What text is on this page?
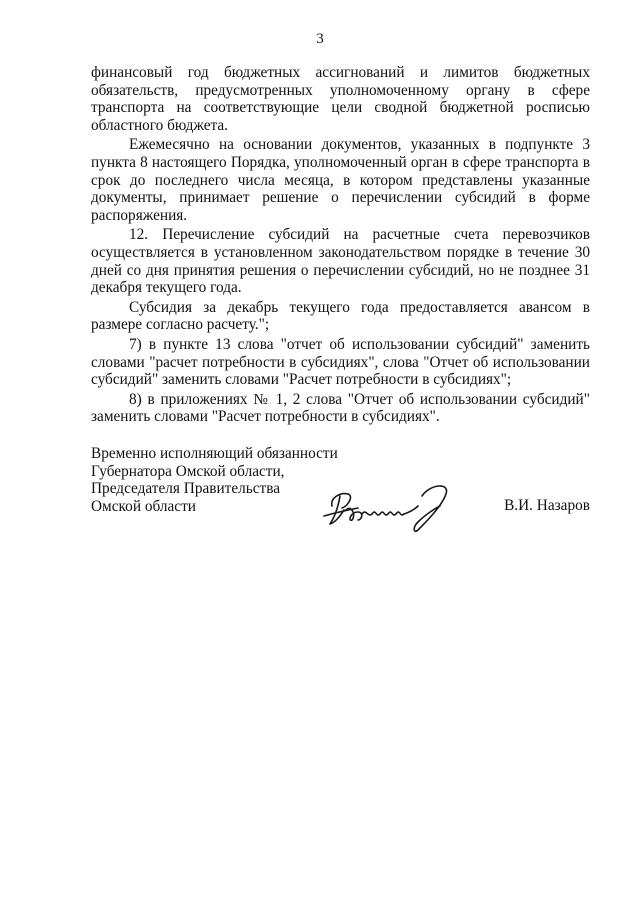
3

финансовый год бюджетных ассигнований и лимитов бюджетных обязательств, предусмотренных уполномоченному органу в сфере транспорта на соответствующие цели сводной бюджетной росписью областного бюджета.

Ежемесячно на основании документов, указанных в подпункте 3 пункта 8 настоящего Порядка, уполномоченный орган в сфере транспорта в срок до последнего числа месяца, в котором представлены указанные документы, принимает решение о перечислении субсидий в форме распоряжения.

12. Перечисление субсидий на расчетные счета перевозчиков осуществляется в установленном законодательством порядке в течение 30 дней со дня принятия решения о перечислении субсидий, но не позднее 31 декабря текущего года.

Субсидия за декабрь текущего года предоставляется авансом в размере согласно расчету.";

7) в пункте 13 слова "отчет об использовании субсидий" заменить словами "расчет потребности в субсидиях", слова "Отчет об использовании субсидий" заменить словами "Расчет потребности в субсидиях";

8) в приложениях № 1, 2 слова "Отчет об использовании субсидий" заменить словами "Расчет потребности в субсидиях".

Временно исполняющий обязанности
Губернатора Омской области,
Председателя Правительства
Омской области	В.И. Назаров
